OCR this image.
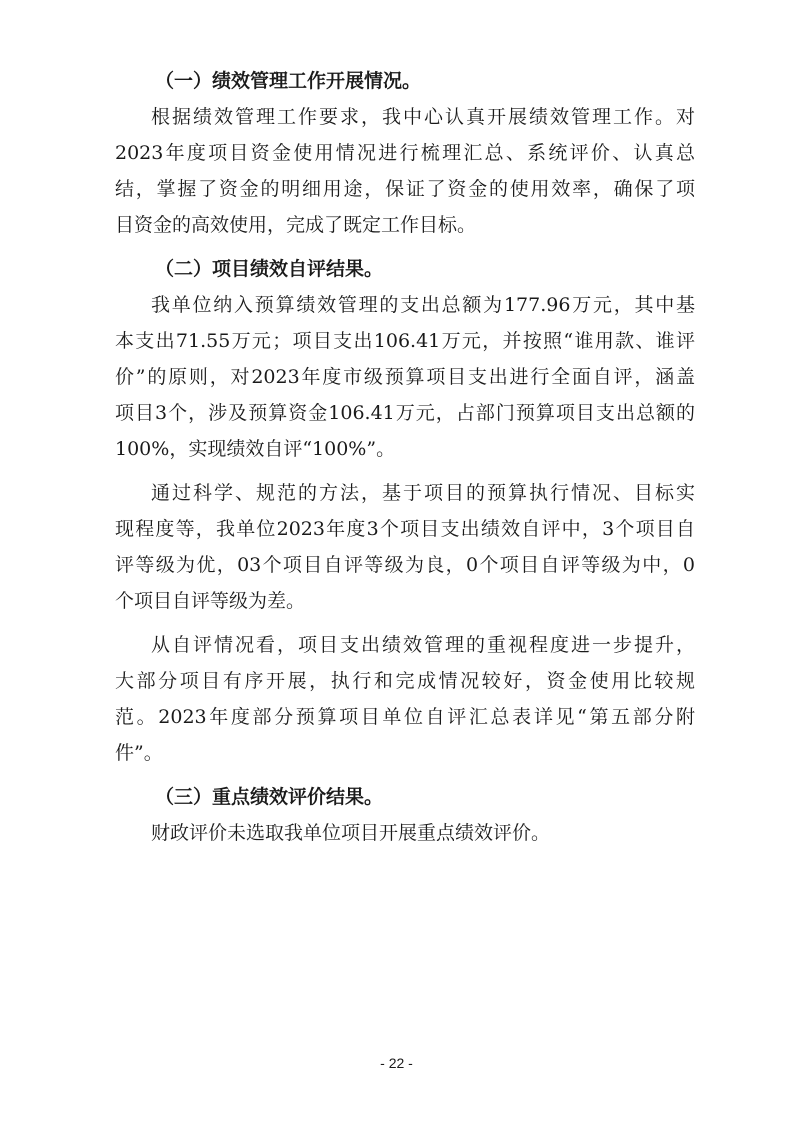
（一）绩效管理工作开展情况。
根据绩效管理工作要求，我中心认真开展绩效管理工作。对
2023年度项目资金使用情况进行梳理汇总、系统评价、认真总
结，掌握了资金的明细用途，保证了资金的使用效率，确保了项
目资金的高效使用，完成了既定工作目标。
（二）项目绩效自评结果。
我单位纳入预算绩效管理的支出总额为177.96万元，其中基
本支出71.55万元；项目支出106.41万元，并按照“谁用款、谁评
价”的原则，对2023年度市级预算项目支出进行全面自评，涵盖
项目3个，涉及预算资金106.41万元，占部门预算项目支出总额的
100%，实现绩效自评“100%”。
通过科学、规范的方法，基于项目的预算执行情况、目标实
现程度等，我单位2023年度3个项目支出绩效自评中，3个项目自
评等级为优，03个项目自评等级为良，0个项目自评等级为中，0
个项目自评等级为差。
从自评情况看，项目支出绩效管理的重视程度进一步提升，
大部分项目有序开展，执行和完成情况较好，资金使用比较规
范。2023年度部分预算项目单位自评汇总表详见“第五部分附
件”。
（三）重点绩效评价结果。
财政评价未选取我单位项目开展重点绩效评价。
- 22 -
